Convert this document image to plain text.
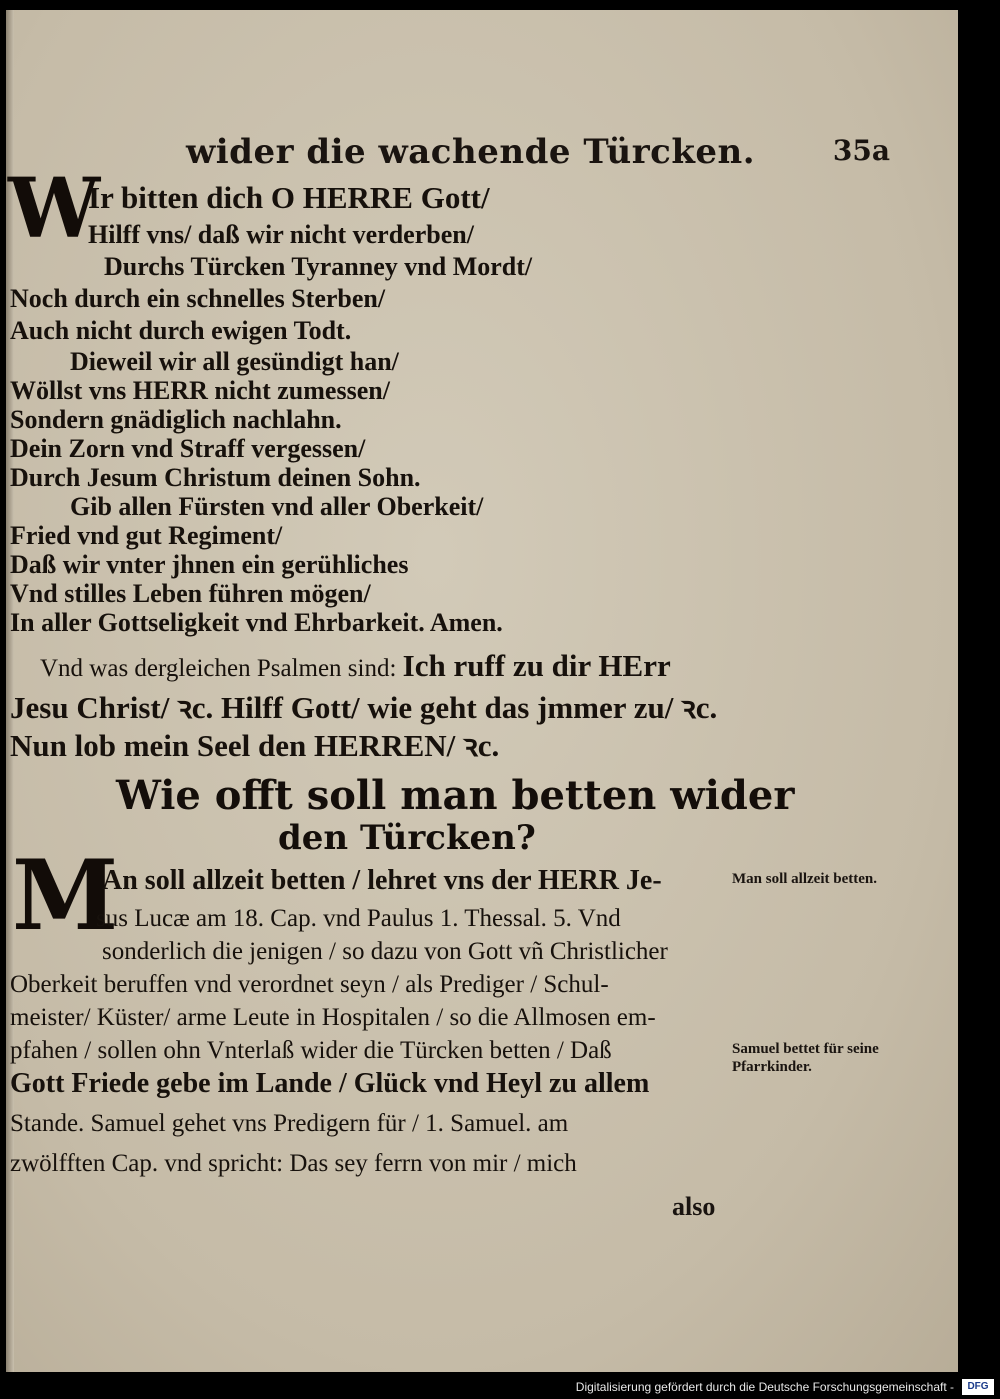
wider die wachende Türcken.	35a
W
Ir bitten dich O HERRE Gott/
Hilff vns/ daß wir nicht verderben/
Durchs Türcken Tyranney vnd Mordt/
Noch durch ein schnelles Sterben/
Auch nicht durch ewigen Todt.
Dieweil wir all gesündigt han/
Wöllst vns HERR nicht zumessen/
Sondern gnädiglich nachlahn.
Dein Zorn vnd Straff vergessen/
Durch Jesum Christum deinen Sohn.
Gib allen Fürsten vnd aller Oberkeit/
Fried vnd gut Regiment/
Daß wir vnter jhnen ein gerühliches
Vnd stilles Leben führen mögen/
In aller Gottseligkeit vnd Ehrbarkeit. Amen.
Vnd was dergleichen Psalmen sind: Ich ruff zu dir HErr
Jesu Christ/ ꝛc. Hilff Gott/ wie geht das jmmer zu/ ꝛc.
Nun lob mein Seel den HERREN/ ꝛc.
Wie offt soll man betten wider
den Türcken?
M
An soll allzeit betten / lehret vns der HERR Je-
sus Lucæ am 18. Cap. vnd Paulus 1. Thessal. 5. Vnd
sonderlich die jenigen / so dazu von Gott vñ Christlicher
Oberkeit beruffen vnd verordnet seyn / als Prediger / Schul-
meister/ Küster/ arme Leute in Hospitalen / so die Allmosen em-
pfahen / sollen ohn Vnterlaß wider die Türcken betten / Daß
Gott Friede gebe im Lande / Glück vnd Heyl zu allem
Stande. Samuel gehet vns Predigern für / 1. Samuel. am
zwölfften Cap. vnd spricht: Das sey ferrn von mir / mich
also
Man soll allzeit betten.
Samuel bettet für seine Pfarrkinder.
Digitalisierung gefördert durch die Deutsche Forschungsgemeinschaft -	DFG
